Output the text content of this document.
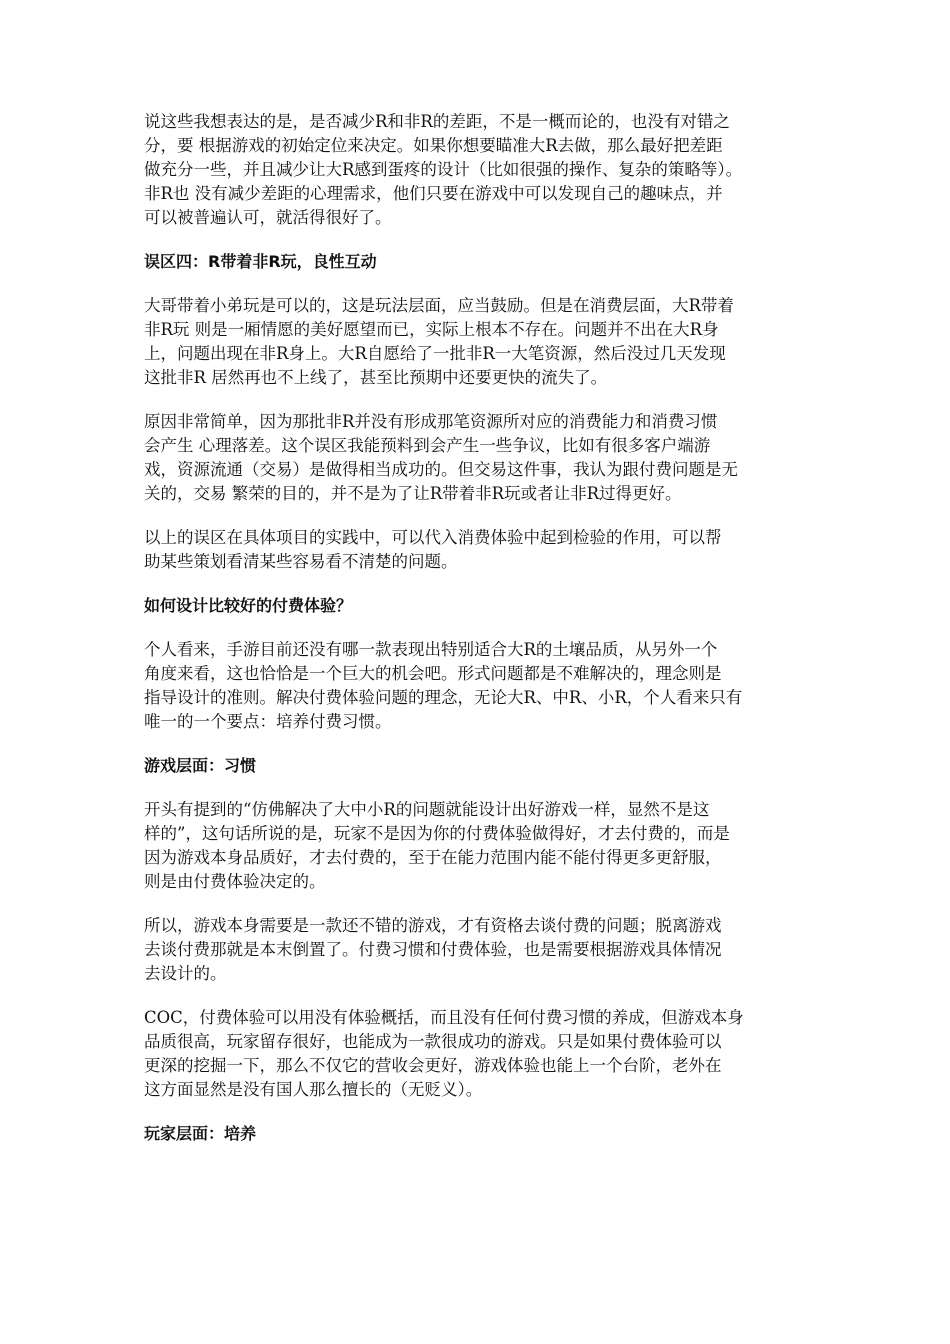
说这些我想表达的是，是否减少R和非R的差距，不是一概而论的，也没有对错之
分，要 根据游戏的初始定位来决定。如果你想要瞄准大R去做，那么最好把差距
做充分一些，并且减少让大R感到蛋疼的设计（比如很强的操作、复杂的策略等）。
非R也 没有减少差距的心理需求，他们只要在游戏中可以发现自己的趣味点，并
可以被普遍认可，就活得很好了。
误区四：R带着非R玩，良性互动
大哥带着小弟玩是可以的，这是玩法层面，应当鼓励。但是在消费层面，大R带着
非R玩 则是一厢情愿的美好愿望而已，实际上根本不存在。问题并不出在大R身
上，问题出现在非R身上。大R自愿给了一批非R一大笔资源，然后没过几天发现
这批非R 居然再也不上线了，甚至比预期中还要更快的流失了。
原因非常简单，因为那批非R并没有形成那笔资源所对应的消费能力和消费习惯
会产生 心理落差。这个误区我能预料到会产生一些争议，比如有很多客户端游
戏，资源流通（交易）是做得相当成功的。但交易这件事，我认为跟付费问题是无
关的，交易 繁荣的目的，并不是为了让R带着非R玩或者让非R过得更好。
以上的误区在具体项目的实践中，可以代入消费体验中起到检验的作用，可以帮
助某些策划看清某些容易看不清楚的问题。
如何设计比较好的付费体验？
个人看来，手游目前还没有哪一款表现出特别适合大R的土壤品质，从另外一个
角度来看，这也恰恰是一个巨大的机会吧。形式问题都是不难解决的，理念则是
指导设计的准则。解决付费体验问题的理念，无论大R、中R、小R，个人看来只有
唯一的一个要点：培养付费习惯。
游戏层面：习惯
开头有提到的“仿佛解决了大中小R的问题就能设计出好游戏一样，显然不是这
样的”，这句话所说的是，玩家不是因为你的付费体验做得好，才去付费的，而是
因为游戏本身品质好，才去付费的，至于在能力范围内能不能付得更多更舒服，
则是由付费体验决定的。
所以，游戏本身需要是一款还不错的游戏，才有资格去谈付费的问题；脱离游戏
去谈付费那就是本末倒置了。付费习惯和付费体验，也是需要根据游戏具体情况
去设计的。
COC，付费体验可以用没有体验概括，而且没有任何付费习惯的养成，但游戏本身
品质很高，玩家留存很好，也能成为一款很成功的游戏。只是如果付费体验可以
更深的挖掘一下，那么不仅它的营收会更好，游戏体验也能上一个台阶，老外在
这方面显然是没有国人那么擅长的（无贬义）。
玩家层面：培养
